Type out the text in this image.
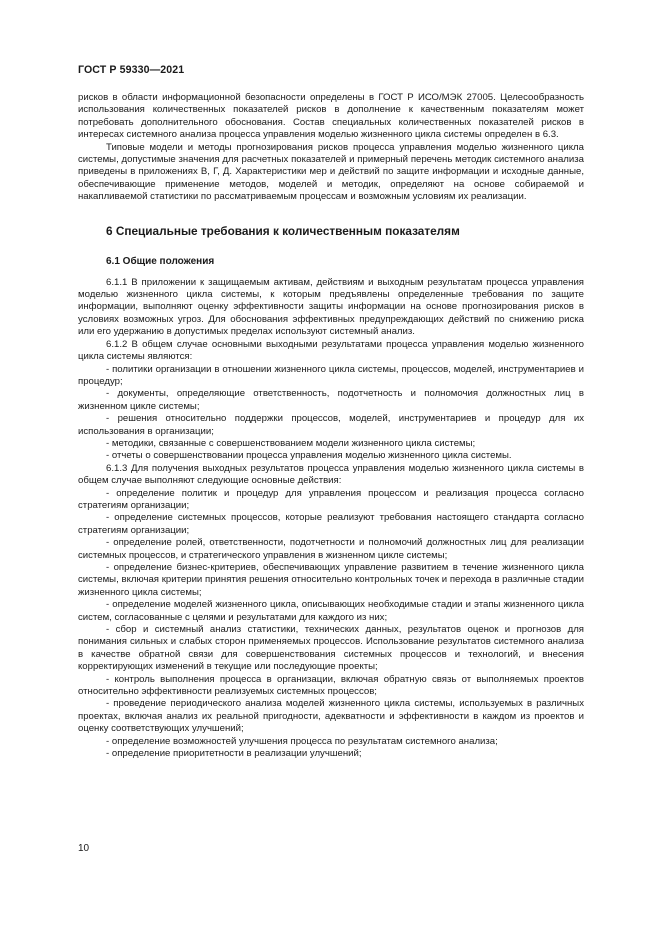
ГОСТ Р 59330—2021

рисков в области информационной безопасности определены в ГОСТ Р ИСО/МЭК 27005. Целесообразность использования количественных показателей рисков в дополнение к качественным показателям может потребовать дополнительного обоснования. Состав специальных количественных показателей рисков в интересах системного анализа процесса управления моделью жизненного цикла системы определен в 6.3.

Типовые модели и методы прогнозирования рисков процесса управления моделью жизненного цикла системы, допустимые значения для расчетных показателей и примерный перечень методик системного анализа приведены в приложениях В, Г, Д. Характеристики мер и действий по защите информации и исходные данные, обеспечивающие применение методов, моделей и методик, определяют на основе собираемой и накапливаемой статистики по рассматриваемым процессам и возможным условиям их реализации.

6 Специальные требования к количественным показателям
6.1 Общие положения

6.1.1 В приложении к защищаемым активам, действиям и выходным результатам процесса управления моделью жизненного цикла системы, к которым предъявлены определенные требования по защите информации, выполняют оценку эффективности защиты информации на основе прогнозирования рисков в условиях возможных угроз. Для обоснования эффективных предупреждающих действий по снижению риска или его удержанию в допустимых пределах используют системный анализ.

6.1.2 В общем случае основными выходными результатами процесса управления моделью жизненного цикла системы являются:

- политики организации в отношении жизненного цикла системы, процессов, моделей, инструментариев и процедур;

- документы, определяющие ответственность, подотчетность и полномочия должностных лиц в жизненном цикле системы;

- решения относительно поддержки процессов, моделей, инструментариев и процедур для их использования в организации;

- методики, связанные с совершенствованием модели жизненного цикла системы;

- отчеты о совершенствовании процесса управления моделью жизненного цикла системы.

6.1.3 Для получения выходных результатов процесса управления моделью жизненного цикла системы в общем случае выполняют следующие основные действия:

- определение политик и процедур для управления процессом и реализация процесса согласно стратегиям организации;

- определение системных процессов, которые реализуют требования настоящего стандарта согласно стратегиям организации;

- определение ролей, ответственности, подотчетности и полномочий должностных лиц для реализации системных процессов, и стратегического управления в жизненном цикле системы;

- определение бизнес-критериев, обеспечивающих управление развитием в течение жизненного цикла системы, включая критерии принятия решения относительно контрольных точек и перехода в различные стадии жизненного цикла системы;

- определение моделей жизненного цикла, описывающих необходимые стадии и этапы жизненного цикла систем, согласованные с целями и результатами для каждого из них;

- сбор и системный анализ статистики, технических данных, результатов оценок и прогнозов для понимания сильных и слабых сторон применяемых процессов. Использование результатов системного анализа в качестве обратной связи для совершенствования системных процессов и технологий, и внесения корректирующих изменений в текущие или последующие проекты;

- контроль выполнения процесса в организации, включая обратную связь от выполняемых проектов относительно эффективности реализуемых системных процессов;

- проведение периодического анализа моделей жизненного цикла системы, используемых в различных проектах, включая анализ их реальной пригодности, адекватности и эффективности в каждом из проектов и оценку соответствующих улучшений;

- определение возможностей улучшения процесса по результатам системного анализа;

- определение приоритетности в реализации улучшений;

10
